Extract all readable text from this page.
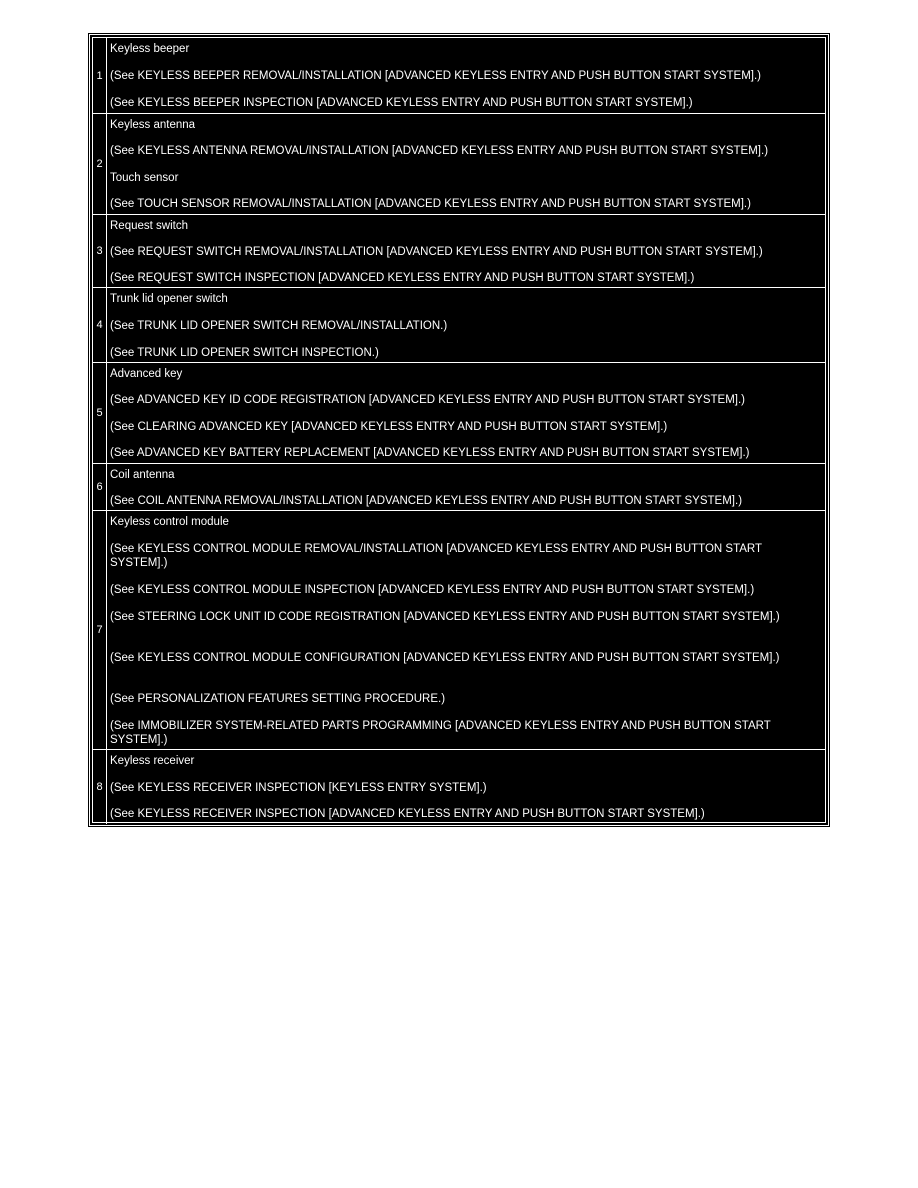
1
Keyless beeper
(See KEYLESS BEEPER REMOVAL/INSTALLATION [ADVANCED KEYLESS ENTRY AND PUSH BUTTON START SYSTEM].)
(See KEYLESS BEEPER INSPECTION [ADVANCED KEYLESS ENTRY AND PUSH BUTTON START SYSTEM].)
2
Keyless antenna
(See KEYLESS ANTENNA REMOVAL/INSTALLATION [ADVANCED KEYLESS ENTRY AND PUSH BUTTON START SYSTEM].)
Touch sensor
(See TOUCH SENSOR REMOVAL/INSTALLATION [ADVANCED KEYLESS ENTRY AND PUSH BUTTON START SYSTEM].)
3
Request switch
(See REQUEST SWITCH REMOVAL/INSTALLATION [ADVANCED KEYLESS ENTRY AND PUSH BUTTON START SYSTEM].)
(See REQUEST SWITCH INSPECTION [ADVANCED KEYLESS ENTRY AND PUSH BUTTON START SYSTEM].)
4
Trunk lid opener switch
(See TRUNK LID OPENER SWITCH REMOVAL/INSTALLATION.)
(See TRUNK LID OPENER SWITCH INSPECTION.)
5
Advanced key
(See ADVANCED KEY ID CODE REGISTRATION [ADVANCED KEYLESS ENTRY AND PUSH BUTTON START SYSTEM].)
(See CLEARING ADVANCED KEY [ADVANCED KEYLESS ENTRY AND PUSH BUTTON START SYSTEM].)
(See ADVANCED KEY BATTERY REPLACEMENT [ADVANCED KEYLESS ENTRY AND PUSH BUTTON START SYSTEM].)
6
Coil antenna
(See COIL ANTENNA REMOVAL/INSTALLATION [ADVANCED KEYLESS ENTRY AND PUSH BUTTON START SYSTEM].)
7
Keyless control module
(See KEYLESS CONTROL MODULE REMOVAL/INSTALLATION [ADVANCED KEYLESS ENTRY AND PUSH BUTTON START SYSTEM].)
(See KEYLESS CONTROL MODULE INSPECTION [ADVANCED KEYLESS ENTRY AND PUSH BUTTON START SYSTEM].)
(See STEERING LOCK UNIT ID CODE REGISTRATION [ADVANCED KEYLESS ENTRY AND PUSH BUTTON START SYSTEM].)
(See KEYLESS CONTROL MODULE CONFIGURATION [ADVANCED KEYLESS ENTRY AND PUSH BUTTON START SYSTEM].)
(See PERSONALIZATION FEATURES SETTING PROCEDURE.)
(See IMMOBILIZER SYSTEM-RELATED PARTS PROGRAMMING [ADVANCED KEYLESS ENTRY AND PUSH BUTTON START SYSTEM].)
8
Keyless receiver
(See KEYLESS RECEIVER INSPECTION [KEYLESS ENTRY SYSTEM].)
(See KEYLESS RECEIVER INSPECTION [ADVANCED KEYLESS ENTRY AND PUSH BUTTON START SYSTEM].)
